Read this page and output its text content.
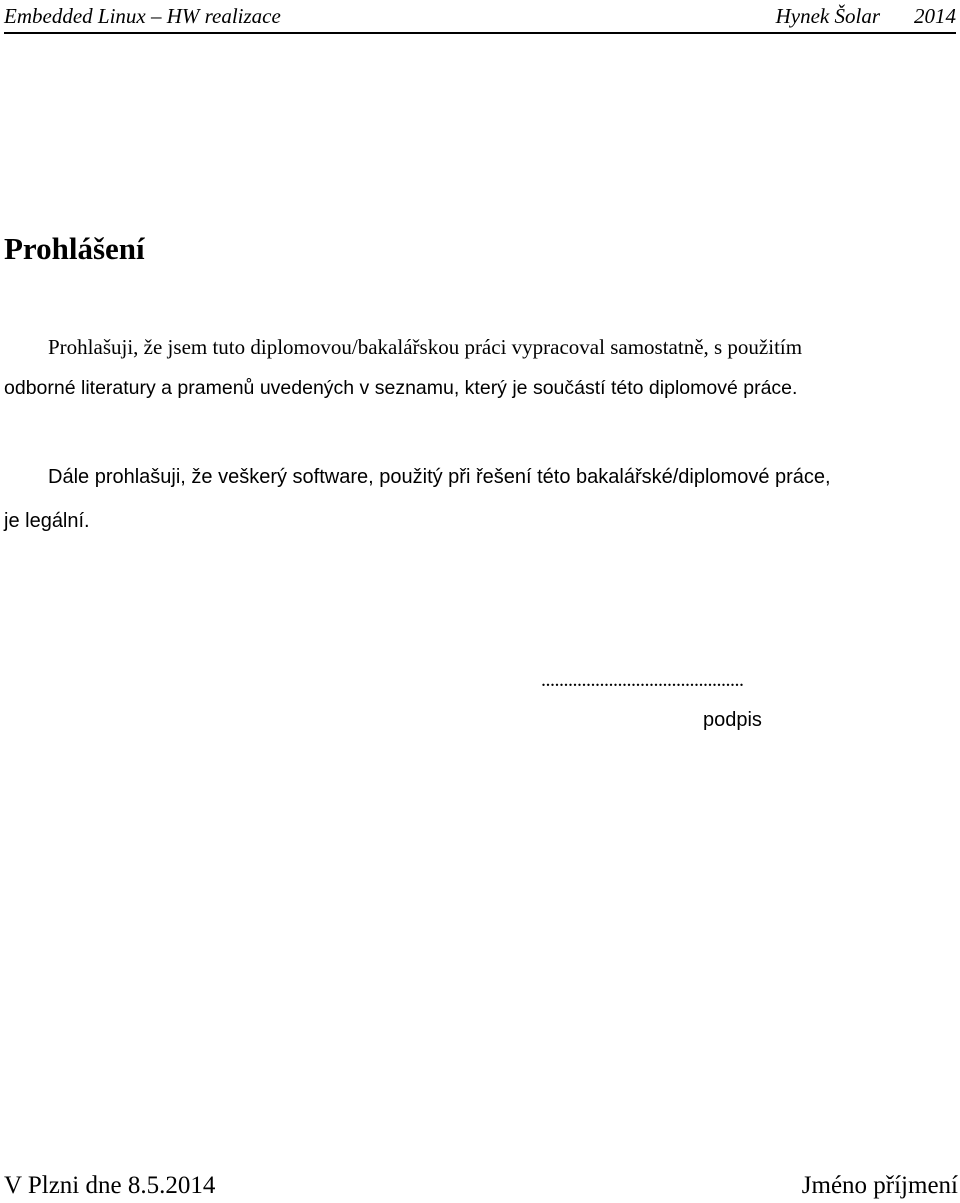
Embedded Linux – HW realizace	Hynek Šolar 2014
Prohlášení
Prohlašuji, že jsem tuto diplomovou/bakalářskou práci vypracoval samostatně, s použitím
odborné literatury a pramenů uvedených v seznamu, který je součástí této diplomové práce.
Dále prohlašuji, že veškerý software, použitý při řešení této bakalářské/diplomové práce,
je legální.
.............................................
podpis
V Plzni dne 8.5.2014	Jméno příjmení
